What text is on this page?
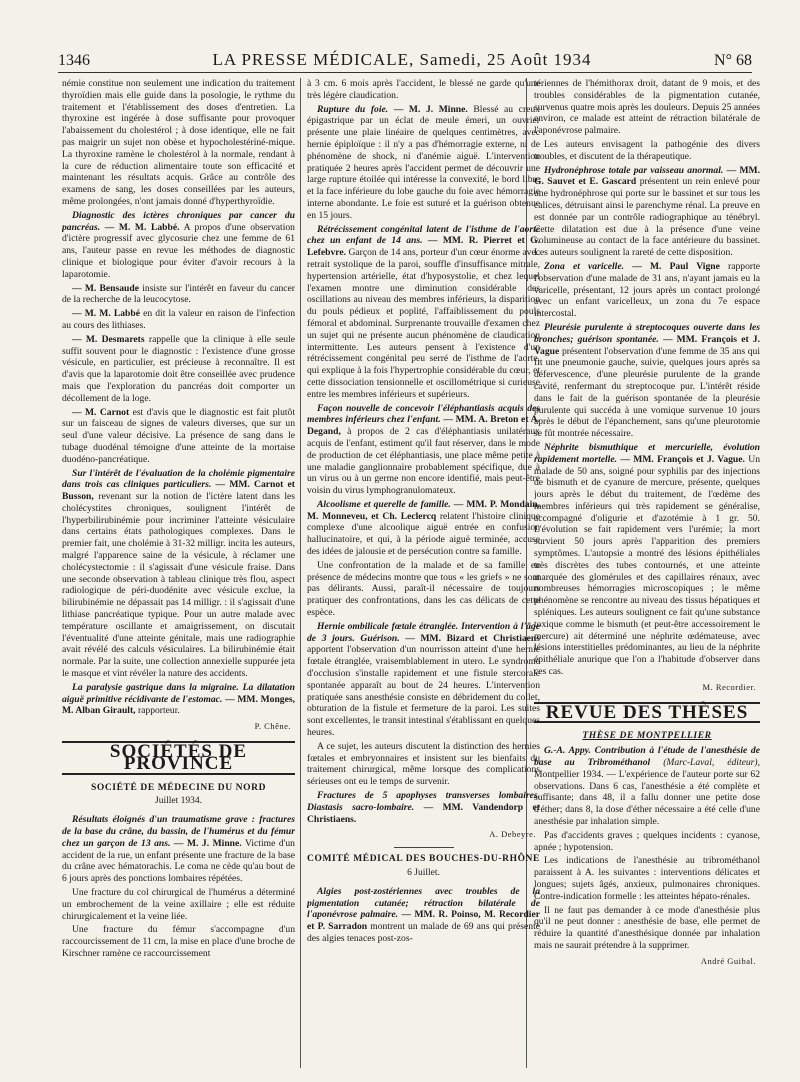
1346	LA PRESSE MÉDICALE, Samedi, 25 Août 1934	N° 68

némie constitue non seulement une indication du traitement thyroïdien mais elle guide dans la posologie, le rythme du traitement et l'établissement des doses d'entretien. La thyroxine est ingérée à dose suffisante pour provoquer l'abaissement du cholestérol ; à dose identique, elle ne fait pas maigrir un sujet non obèse et hypocholestériné-mique. La thyroxine ramène le cholestérol à la normale, rendant à la cure de réduction alimentaire toute son efficacité et maintenant les résultats acquis. Grâce au contrôle des examens de sang, les doses conseillées par les auteurs, même prolongées, n'ont jamais donné d'hyperthyroïdie.

Diagnostic des ictères chroniques par cancer du pancréas. — M. M. Labbé. A propos d'une observation d'ictère progressif avec glycosurie chez une femme de 61 ans, l'auteur passe en revue les méthodes de diagnostic clinique et biologique pour éviter d'avoir recours à la laparotomie.

— M. Bensaude insiste sur l'intérêt en faveur du cancer de la recherche de la leucocytose.

— M. M. Labbé en dit la valeur en raison de l'infection au cours des lithiases.

— M. Desmarets rappelle que la clinique à elle seule suffit souvent pour le diagnostic : l'existence d'une grosse vésicule, en particulier, est précieuse à reconnaître. Il est d'avis que la laparotomie doit être conseillée avec prudence mais que l'exploration du pancréas doit comporter un décollement de la loge.

— M. Carnot est d'avis que le diagnostic est fait plutôt sur un faisceau de signes de valeurs diverses, que sur un seul d'une valeur décisive. La présence de sang dans le tubage duodénal témoigne d'une atteinte de la mortaise duodéno-pancréatique.

Sur l'intérêt de l'évaluation de la cholémie pigmentaire dans trois cas cliniques particuliers. — MM. Carnot et Busson, revenant sur la notion de l'ictère latent dans les cholécystites chroniques, soulignent l'intérêt de l'hyperbilirubinémie pour incriminer l'atteinte vésiculaire dans certains états pathologiques complexes. Dans le premier fait, une cholémie à 31-32 milligr. incita les auteurs, malgré l'apparence saine de la vésicule, à réclamer une cholécystectomie : il s'agissait d'une vésicule fraise. Dans une seconde observation à tableau clinique très flou, aspect radiologique de péri-duodénite avec vésicule exclue, la bilirubinémie ne dépassait pas 14 milligr. : il s'agissait d'une lithiase pancréatique typique. Pour un autre malade avec température oscillante et amaigrissement, on discutait l'éventualité d'une atteinte génitale, mais une radiographie avait révélé des calculs vésiculaires. La bilirubinémie était normale. Par la suite, une collection annexielle suppurée jeta le masque et vint révéler la nature des accidents.

La paralysie gastrique dans la migraine. La dilatation aiguë primitive récidivante de l'estomac. — MM. Monges, M. Alban Girault, rapporteur.

P. Chêne.
SOCIÉTÉS DE PROVINCE
SOCIÉTÉ DE MÉDECINE DU NORD
Juillet 1934.

Résultats éloignés d'un traumatisme grave : fractures de la base du crâne, du bassin, de l'humérus et du fémur chez un garçon de 13 ans. — M. J. Minne. Victime d'un accident de la rue, un enfant présente une fracture de la base du crâne avec hématorachis. Le coma ne cède qu'au bout de 6 jours après des ponctions lombaires répétées.

Une fracture du col chirurgical de l'humérus a déterminé un embrochement de la veine axillaire ; elle est réduite chirurgicalement et la veine liée.

Une fracture du fémur s'accompagne d'un raccourcissement de 11 cm, la mise en place d'une broche de Kirschner ramène ce raccourcissement

à 3 cm. 6 mois après l'accident, le blessé ne garde qu'une très légère claudication.

Rupture du foie. — M. J. Minne. Blessé au creux épigastrique par un éclat de meule émeri, un ouvrier présente une plaie linéaire de quelques centimètres, avec hernie épiploïque : il n'y a pas d'hémorragie externe, ni de phénomène de shock, ni d'anémie aiguë. L'intervention pratiquée 2 heures après l'accident permet de découvrir une large rupture étoilée qui intéresse la convexité, le bord libre et la face inférieure du lobe gauche du foie avec hémorragie interne abondante. Le foie est suturé et la guérison obtenue en 15 jours.

Rétrécissement congénital latent de l'isthme de l'aorte chez un enfant de 14 ans. — MM. R. Pierret et G. Lefebvre. Garçon de 14 ans, porteur d'un cœur énorme avec retrait systolique de la paroi, souffle d'insuffisance mitrale, hypertension artérielle, état d'hyposystolie, et chez lequel l'examen montre une diminution considérable des oscillations au niveau des membres inférieurs, la disparition du pouls pédieux et poplité, l'affaiblissement du pouls fémoral et abdominal. Surprenante trouvaille d'examen chez un sujet qui ne présente aucun phénomène de claudication intermittente. Les auteurs pensent à l'existence d'un rétrécissement congénital peu serré de l'isthme de l'aorte, qui explique à la fois l'hypertrophie considérable du cœur, et cette dissociation tensionnelle et oscillométrique si curieuse entre les membres inférieurs et supérieurs.

Façon nouvelle de concevoir l'éléphantiasis acquis des membres inférieurs chez l'enfant. — MM. A. Breton et A. Degand, à propos de 2 cas d'éléphantiasis unilatéraux acquis de l'enfant, estiment qu'il faut réserver, dans le mode de production de cet éléphantiasis, une place même petite à une maladie ganglionnaire probablement spécifique, due à un virus ou à un germe non encore identifié, mais peut-être voisin du virus lymphogranulomateux.

Alcoolisme et querelle de famille. — MM. P. Mondain, M. Monneveu, et Ch. Leclercq relatent l'histoire clinique complexe d'une alcoolique aiguë entrée en confusion hallucinatoire, et qui, à la période aiguë terminée, accuse des idées de jalousie et de persécution contre sa famille.

Une confrontation de la malade et de sa famille en présence de médecins montre que tous « les griefs » ne sont pas délirants. Aussi, paraît-il nécessaire de toujours pratiquer des confrontations, dans les cas délicats de cette espèce.

Hernie ombilicale fœtale étranglée. Intervention à l'âge de 3 jours. Guérison. — MM. Bizard et Christiaens apportent l'observation d'un nourrisson atteint d'une hernie fœtale étranglée, vraisemblablement in utero. Le syndrome d'occlusion s'installe rapidement et une fistule stercorale spontanée apparaît au bout de 24 heures. L'intervention pratiquée sans anesthésie consiste en débridement du collet, obturation de la fistule et fermeture de la paroi. Les suites sont excellentes, le transit intestinal s'établissant en quelques heures.

A ce sujet, les auteurs discutent la distinction des hernies fœtales et embryonnaires et insistent sur les bienfaits du traitement chirurgical, même lorsque des complications sérieuses ont eu le temps de survenir.

Fractures de 5 apophyses transverses lombaires. Diastasis sacro-lombaire. — MM. Vandendorp et Christiaens.

A. Debeyre.
COMITÉ MÉDICAL DES BOUCHES-DU-RHÔNE
6 Juillet.

Algies post-zostériennes avec troubles de la pigmentation cutanée; rétraction bilatérale de l'aponévrose palmaire. — MM. R. Poinso, M. Recordier et P. Sarradon montrent un malade de 69 ans qui présente des algies tenaces post-zos-

tériennes de l'hémithorax droit, datant de 9 mois, et des troubles considérables de la pigmentation cutanée, survenus quatre mois après les douleurs. Depuis 25 années environ, ce malade est atteint de rétraction bilatérale de l'aponévrose palmaire.

Les auteurs envisagent la pathogénie des divers troubles, et discutent de la thérapeutique.

Hydronéphrose totale par vaisseau anormal. — MM. G. Sauvet et E. Gascard présentent un rein enlevé pour une hydronéphrose qui porte sur le bassinet et sur tous les calices, détruisant ainsi le parenchyme rénal. La preuve en est donnée par un contrôle radiographique au ténébryl. Cette dilatation est due à la présence d'une veine volumineuse au contact de la face antérieure du bassinet. Les auteurs soulignent la rareté de cette disposition.

Zona et varicelle. — M. Paul Vigne rapporte l'observation d'une malade de 31 ans, n'ayant jamais eu la varicelle, présentant, 12 jours après un contact prolongé avec un enfant varicelleux, un zona du 7e espace intercostal.

Pleurésie purulente à streptocoques ouverte dans les bronches; guérison spontanée. — MM. François et J. Vague présentent l'observation d'une femme de 35 ans qui fit une pneumonie gauche, suivie, quelques jours après sa défervescence, d'une pleurésie purulente de la grande cavité, renfermant du streptocoque pur. L'intérêt réside dans le fait de la guérison spontanée de la pleurésie purulente qui succéda à une vomique survenue 10 jours après le début de l'épanchement, sans qu'une pleurotomie se fût montrée nécessaire.

Néphrite bismuthique et mercurielle, évolution rapidement mortelle. — MM. François et J. Vague. Un malade de 50 ans, soigné pour syphilis par des injections de bismuth et de cyanure de mercure, présente, quelques jours après le début du traitement, de l'œdème des membres inférieurs qui très rapidement se généralise, accompagné d'oligurie et d'azotémie à 1 gr. 50. L'évolution se fait rapidement vers l'urémie; la mort survient 50 jours après l'apparition des premiers symptômes. L'autopsie a montré des lésions épithéliales très discrètes des tubes contournés, et une atteinte marquée des glomérules et des capillaires rénaux, avec nombreuses hémorragies microscopiques ; le même phénomène se rencontre au niveau des tissus hépatiques et spléniques. Les auteurs soulignent ce fait qu'une substance toxique comme le bismuth (et peut-être accessoirement le mercure) ait déterminé une néphrite œdémateuse, avec lésions interstitielles prédominantes, au lieu de la néphrite épithéliale anurique que l'on a l'habitude d'observer dans ces cas.

M. Recordier.
REVUE DES THÈSES
THÈSE DE MONTPELLIER

G.-A. Appy. Contribution à l'étude de l'anesthésie de base au Tribrométhanol (Marc-Laval, éditeur), Montpellier 1934. — L'expérience de l'auteur porte sur 62 observations. Dans 6 cas, l'anesthésie a été complète et suffisante; dans 48, il a fallu donner une petite dose d'éther; dans 8, la dose d'éther nécessaire a été celle d'une anesthésie par inhalation simple.

Pas d'accidents graves ; quelques incidents : cyanose, apnée ; hypotension.

Les indications de l'anesthésie au tribrométhanol paraissent à A. les suivantes : interventions délicates et longues; sujets âgés, anxieux, pulmonaires chroniques. Contre-indication formelle : les atteintes hépato-rénales.

Il ne faut pas demander à ce mode d'anesthésie plus qu'il ne peut donner : anesthésie de base, elle permet de réduire la quantité d'anesthésique donnée par inhalation mais ne saurait prétendre à la supprimer.

André Guibal.
